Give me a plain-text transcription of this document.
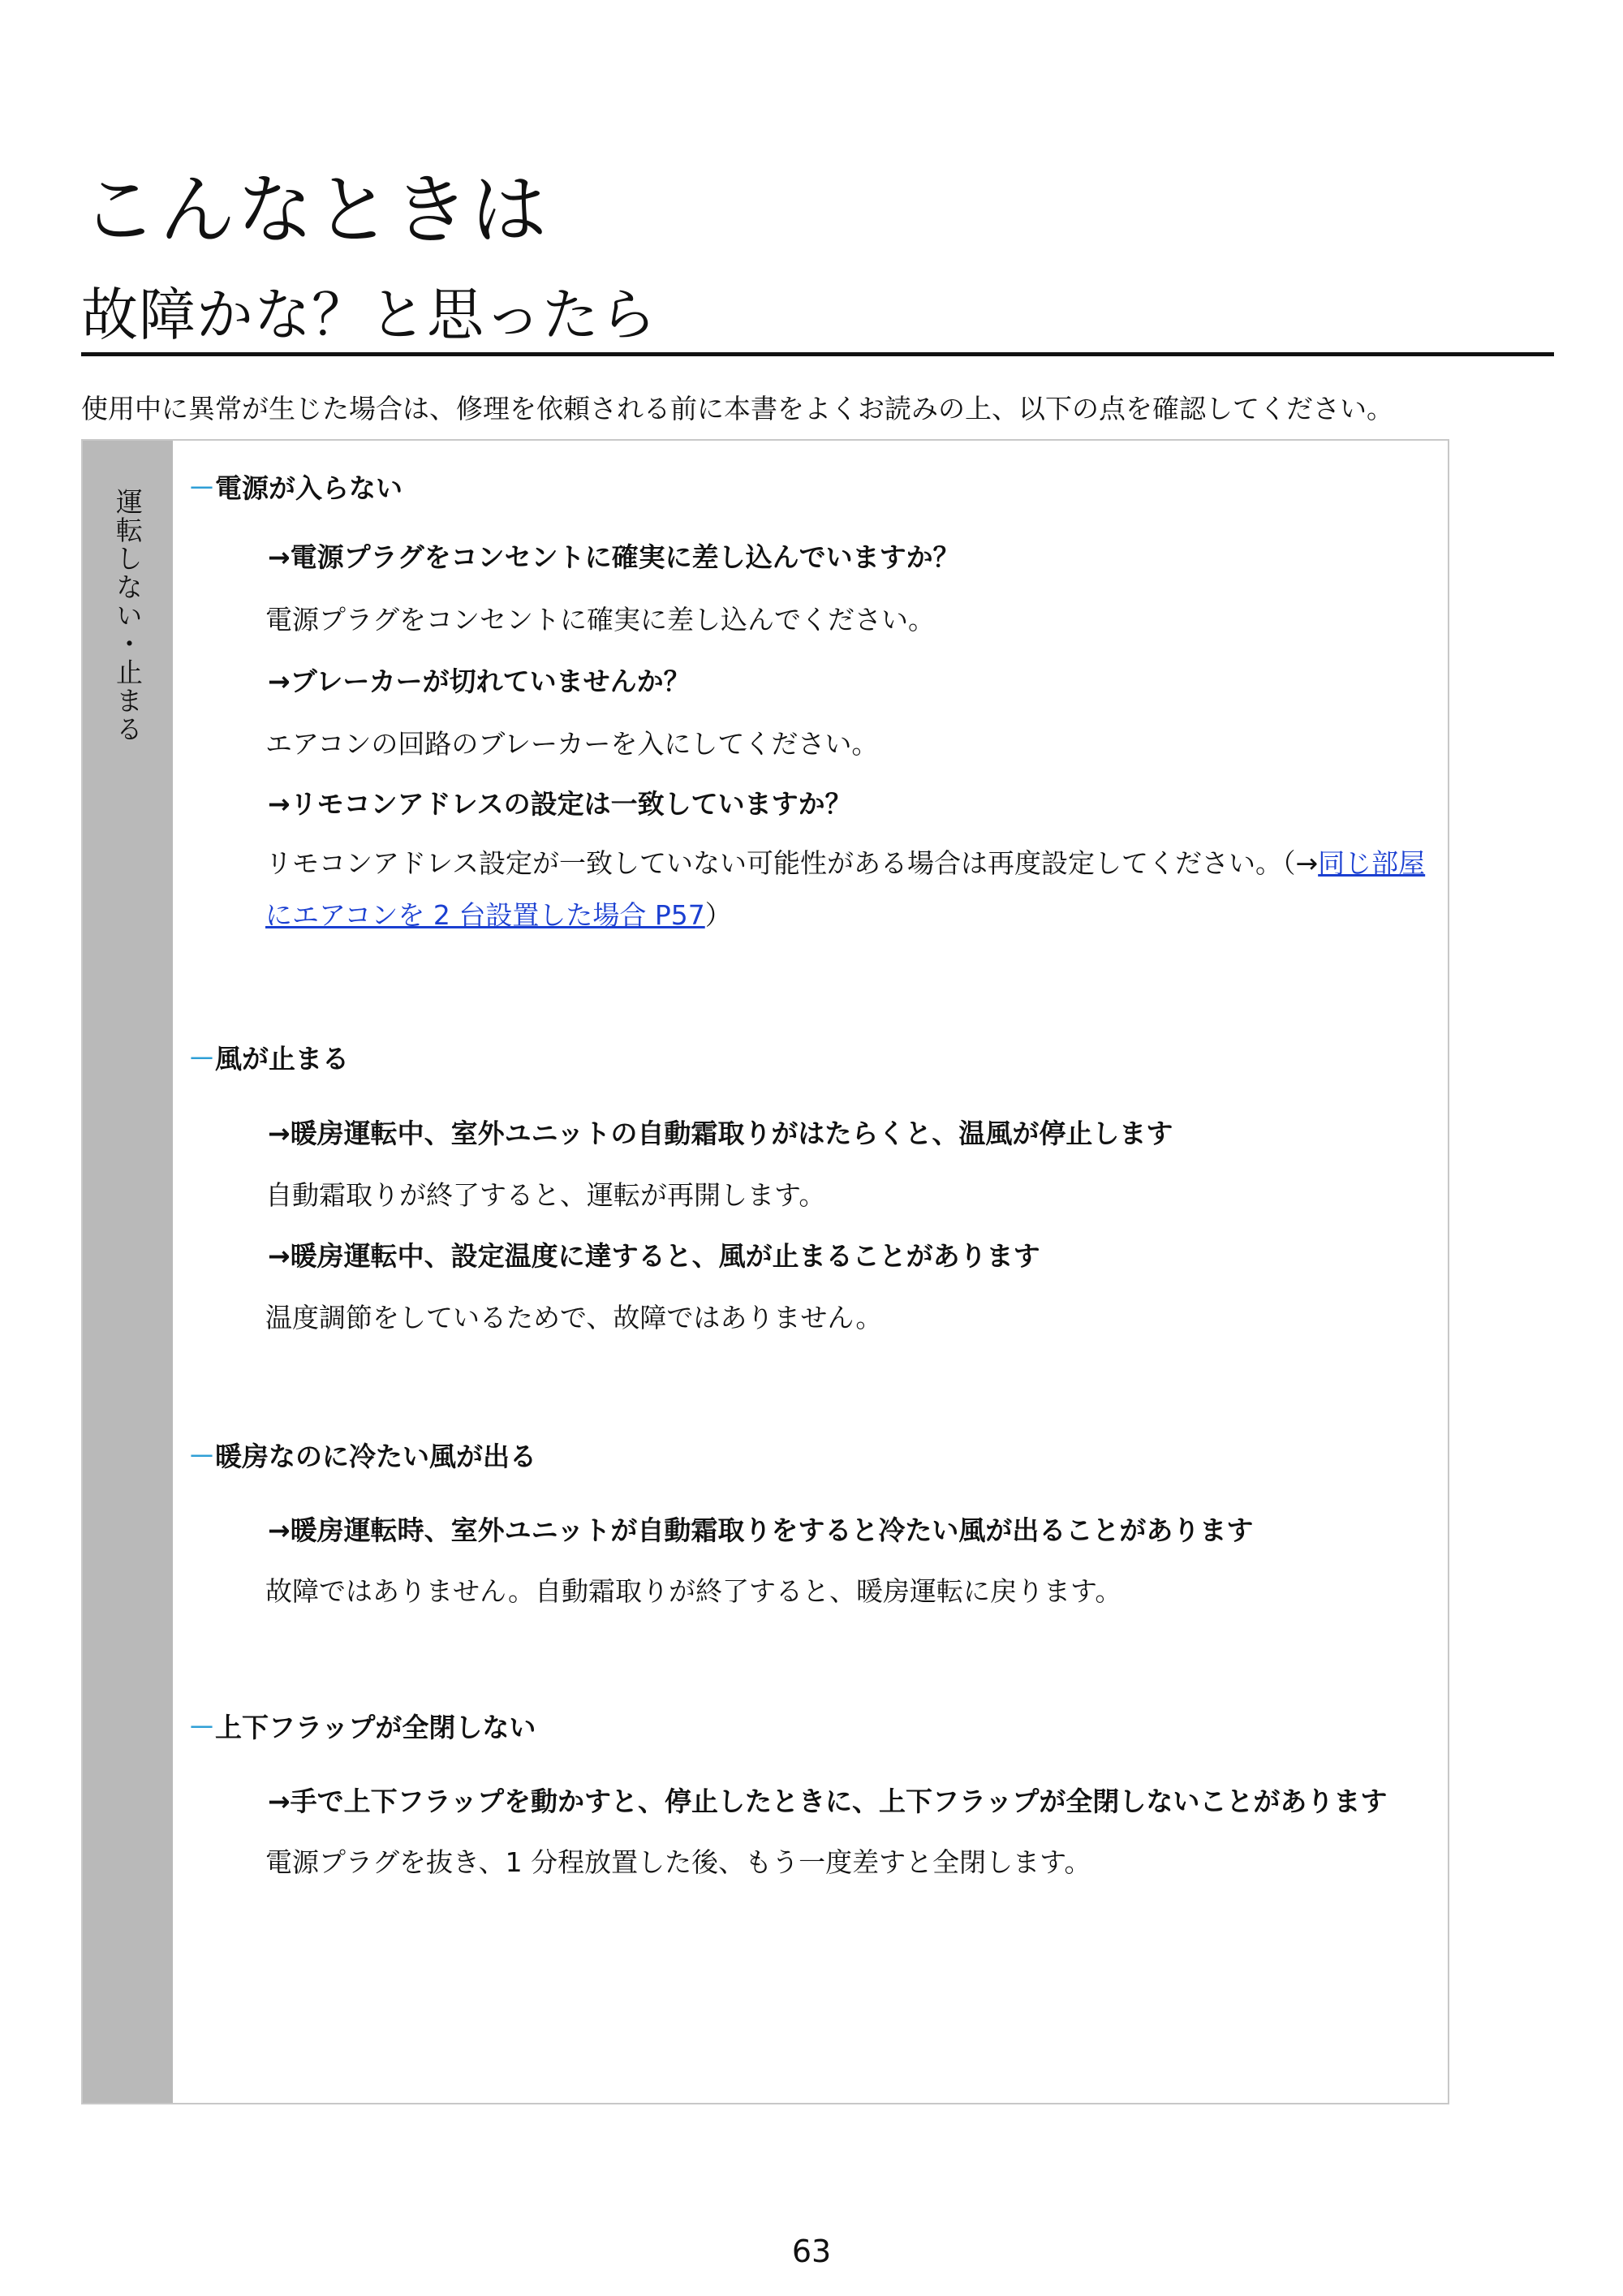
こんなときは
故障かな？と思ったら

使用中に異常が生じた場合は、修理を依頼される前に本書をよくお読みの上、以下の点を確認してください。

運転しない・止まる	－電源が入らない

→電源プラグをコンセントに確実に差し込んでいますか？

電源プラグをコンセントに確実に差し込んでください。

→ブレーカーが切れていませんか？

エアコンの回路のブレーカーを入にしてください。

→リモコンアドレスの設定は一致していますか？

リモコンアドレス設定が一致していない可能性がある場合は再度設定してください。（→同じ部屋にエアコンを 2 台設置した場合 P57）

－風が止まる

→暖房運転中、室外ユニットの自動霜取りがはたらくと、温風が停止します

自動霜取りが終了すると、運転が再開します。

→暖房運転中、設定温度に達すると、風が止まることがあります

温度調節をしているためで、故障ではありません。

－暖房なのに冷たい風が出る

→暖房運転時、室外ユニットが自動霜取りをすると冷たい風が出ることがあります

故障ではありません。自動霜取りが終了すると、暖房運転に戻ります。

－上下フラップが全閉しない

→手で上下フラップを動かすと、停止したときに、上下フラップが全閉しないことがあります

電源プラグを抜き、1 分程放置した後、もう一度差すと全閉します。

63
